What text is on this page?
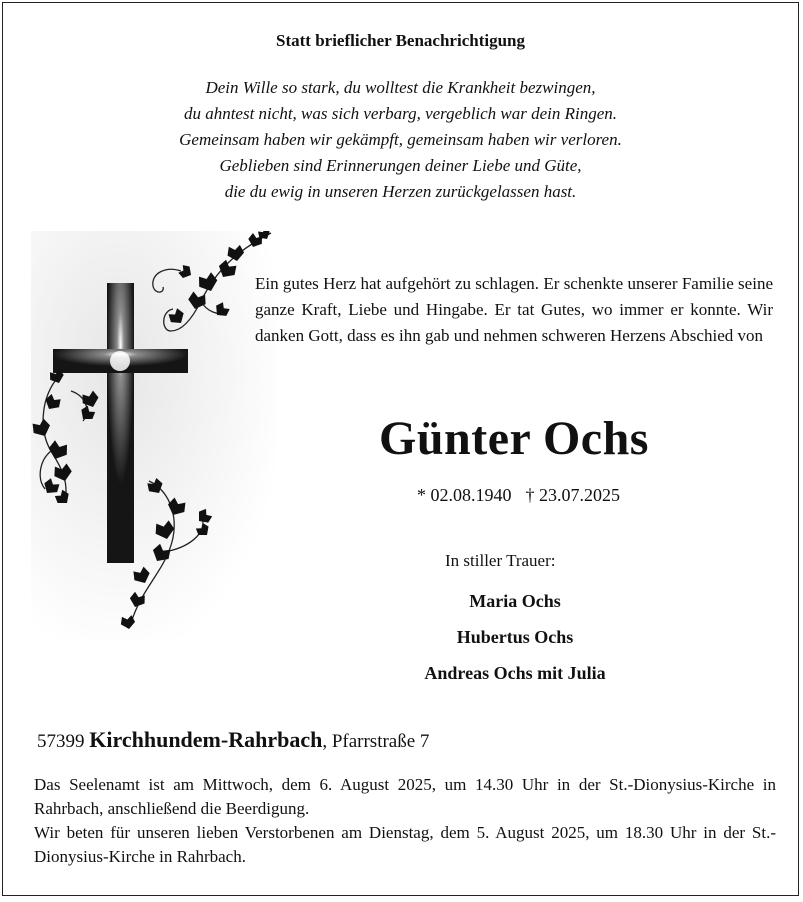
Statt brieflicher Benachrichtigung
Dein Wille so stark, du wolltest die Krankheit bezwingen,
du ahntest nicht, was sich verbarg, vergeblich war dein Ringen.
Gemeinsam haben wir gekämpft, gemeinsam haben wir verloren.
Geblieben sind Erinnerungen deiner Liebe und Güte,
die du ewig in unseren Herzen zurückgelassen hast.

Ein gutes Herz hat aufgehört zu schlagen. Er schenkte unserer Familie seine ganze Kraft, Liebe und Hingabe. Er tat Gutes, wo immer er konnte. Wir danken Gott, dass es ihn gab und nehmen schweren Herzens Abschied von

Günter Ochs
* 02.08.1940 † 23.07.2025
In stiller Trauer:
Maria Ochs
Hubertus Ochs
Andreas Ochs mit Julia
57399 Kirchhundem-Rahrbach, Pfarrstraße 7

Das Seelenamt ist am Mittwoch, dem 6. August 2025, um 14.30 Uhr in der St.-Dionysius-Kirche in Rahrbach, anschließend die Beerdigung.

Wir beten für unseren lieben Verstorbenen am Dienstag, dem 5. August 2025, um 18.30 Uhr in der St.-Dionysius-Kirche in Rahrbach.
